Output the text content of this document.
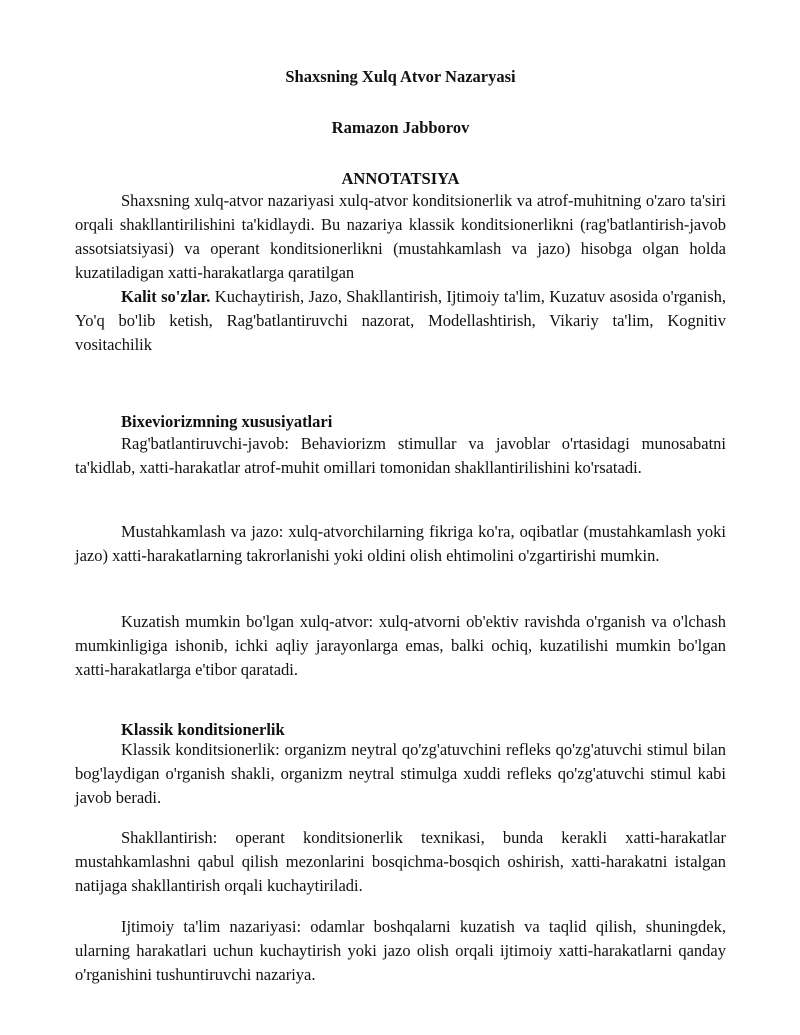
Shaxsning Xulq Atvor Nazaryasi
Ramazon Jabborov
ANNOTATSIYA
Shaxsning xulq-atvor nazariyasi xulq-atvor konditsionerlik va atrof-muhitning o'zaro ta'siri orqali shakllantirilishini ta'kidlaydi. Bu nazariya klassik konditsionerlikni (rag'batlantirish-javob assotsiatsiyasi) va operant konditsionerlikni (mustahkamlash va jazo) hisobga olgan holda kuzatiladigan xatti-harakatlarga qaratilgan
Kalit so'zlar. Kuchaytirish, Jazo, Shakllantirish, Ijtimoiy ta'lim, Kuzatuv asosida o'rganish, Yo'q bo'lib ketish, Rag'batlantiruvchi nazorat, Modellashtirish, Vikariy ta'lim, Kognitiv vositachilik
Bixeviorizmning xususiyatlari
Rag'batlantiruvchi-javob: Behaviorizm stimullar va javoblar o'rtasidagi munosabatni ta'kidlab, xatti-harakatlar atrof-muhit omillari tomonidan shakllantirilishini ko'rsatadi.
Mustahkamlash va jazo: xulq-atvorchilarning fikriga ko'ra, oqibatlar (mustahkamlash yoki jazo) xatti-harakatlarning takrorlanishi yoki oldini olish ehtimolini o'zgartirishi mumkin.
Kuzatish mumkin bo'lgan xulq-atvor: xulq-atvorni ob'ektiv ravishda o'rganish va o'lchash mumkinligiga ishonib, ichki aqliy jarayonlarga emas, balki ochiq, kuzatilishi mumkin bo'lgan xatti-harakatlarga e'tibor qaratadi.
Klassik konditsionerlik
Klassik konditsionerlik: organizm neytral qo'zg'atuvchini refleks qo'zg'atuvchi stimul bilan bog'laydigan o'rganish shakli, organizm neytral stimulga xuddi refleks qo'zg'atuvchi stimul kabi javob beradi.
Shakllantirish: operant konditsionerlik texnikasi, bunda kerakli xatti-harakatlar mustahkamlashni qabul qilish mezonlarini bosqichma-bosqich oshirish, xatti-harakatni istalgan natijaga shakllantirish orqali kuchaytiriladi.
Ijtimoiy ta'lim nazariyasi: odamlar boshqalarni kuzatish va taqlid qilish, shuningdek, ularning harakatlari uchun kuchaytirish yoki jazo olish orqali ijtimoiy xatti-harakatlarni qanday o'rganishini tushuntiruvchi nazariya.
